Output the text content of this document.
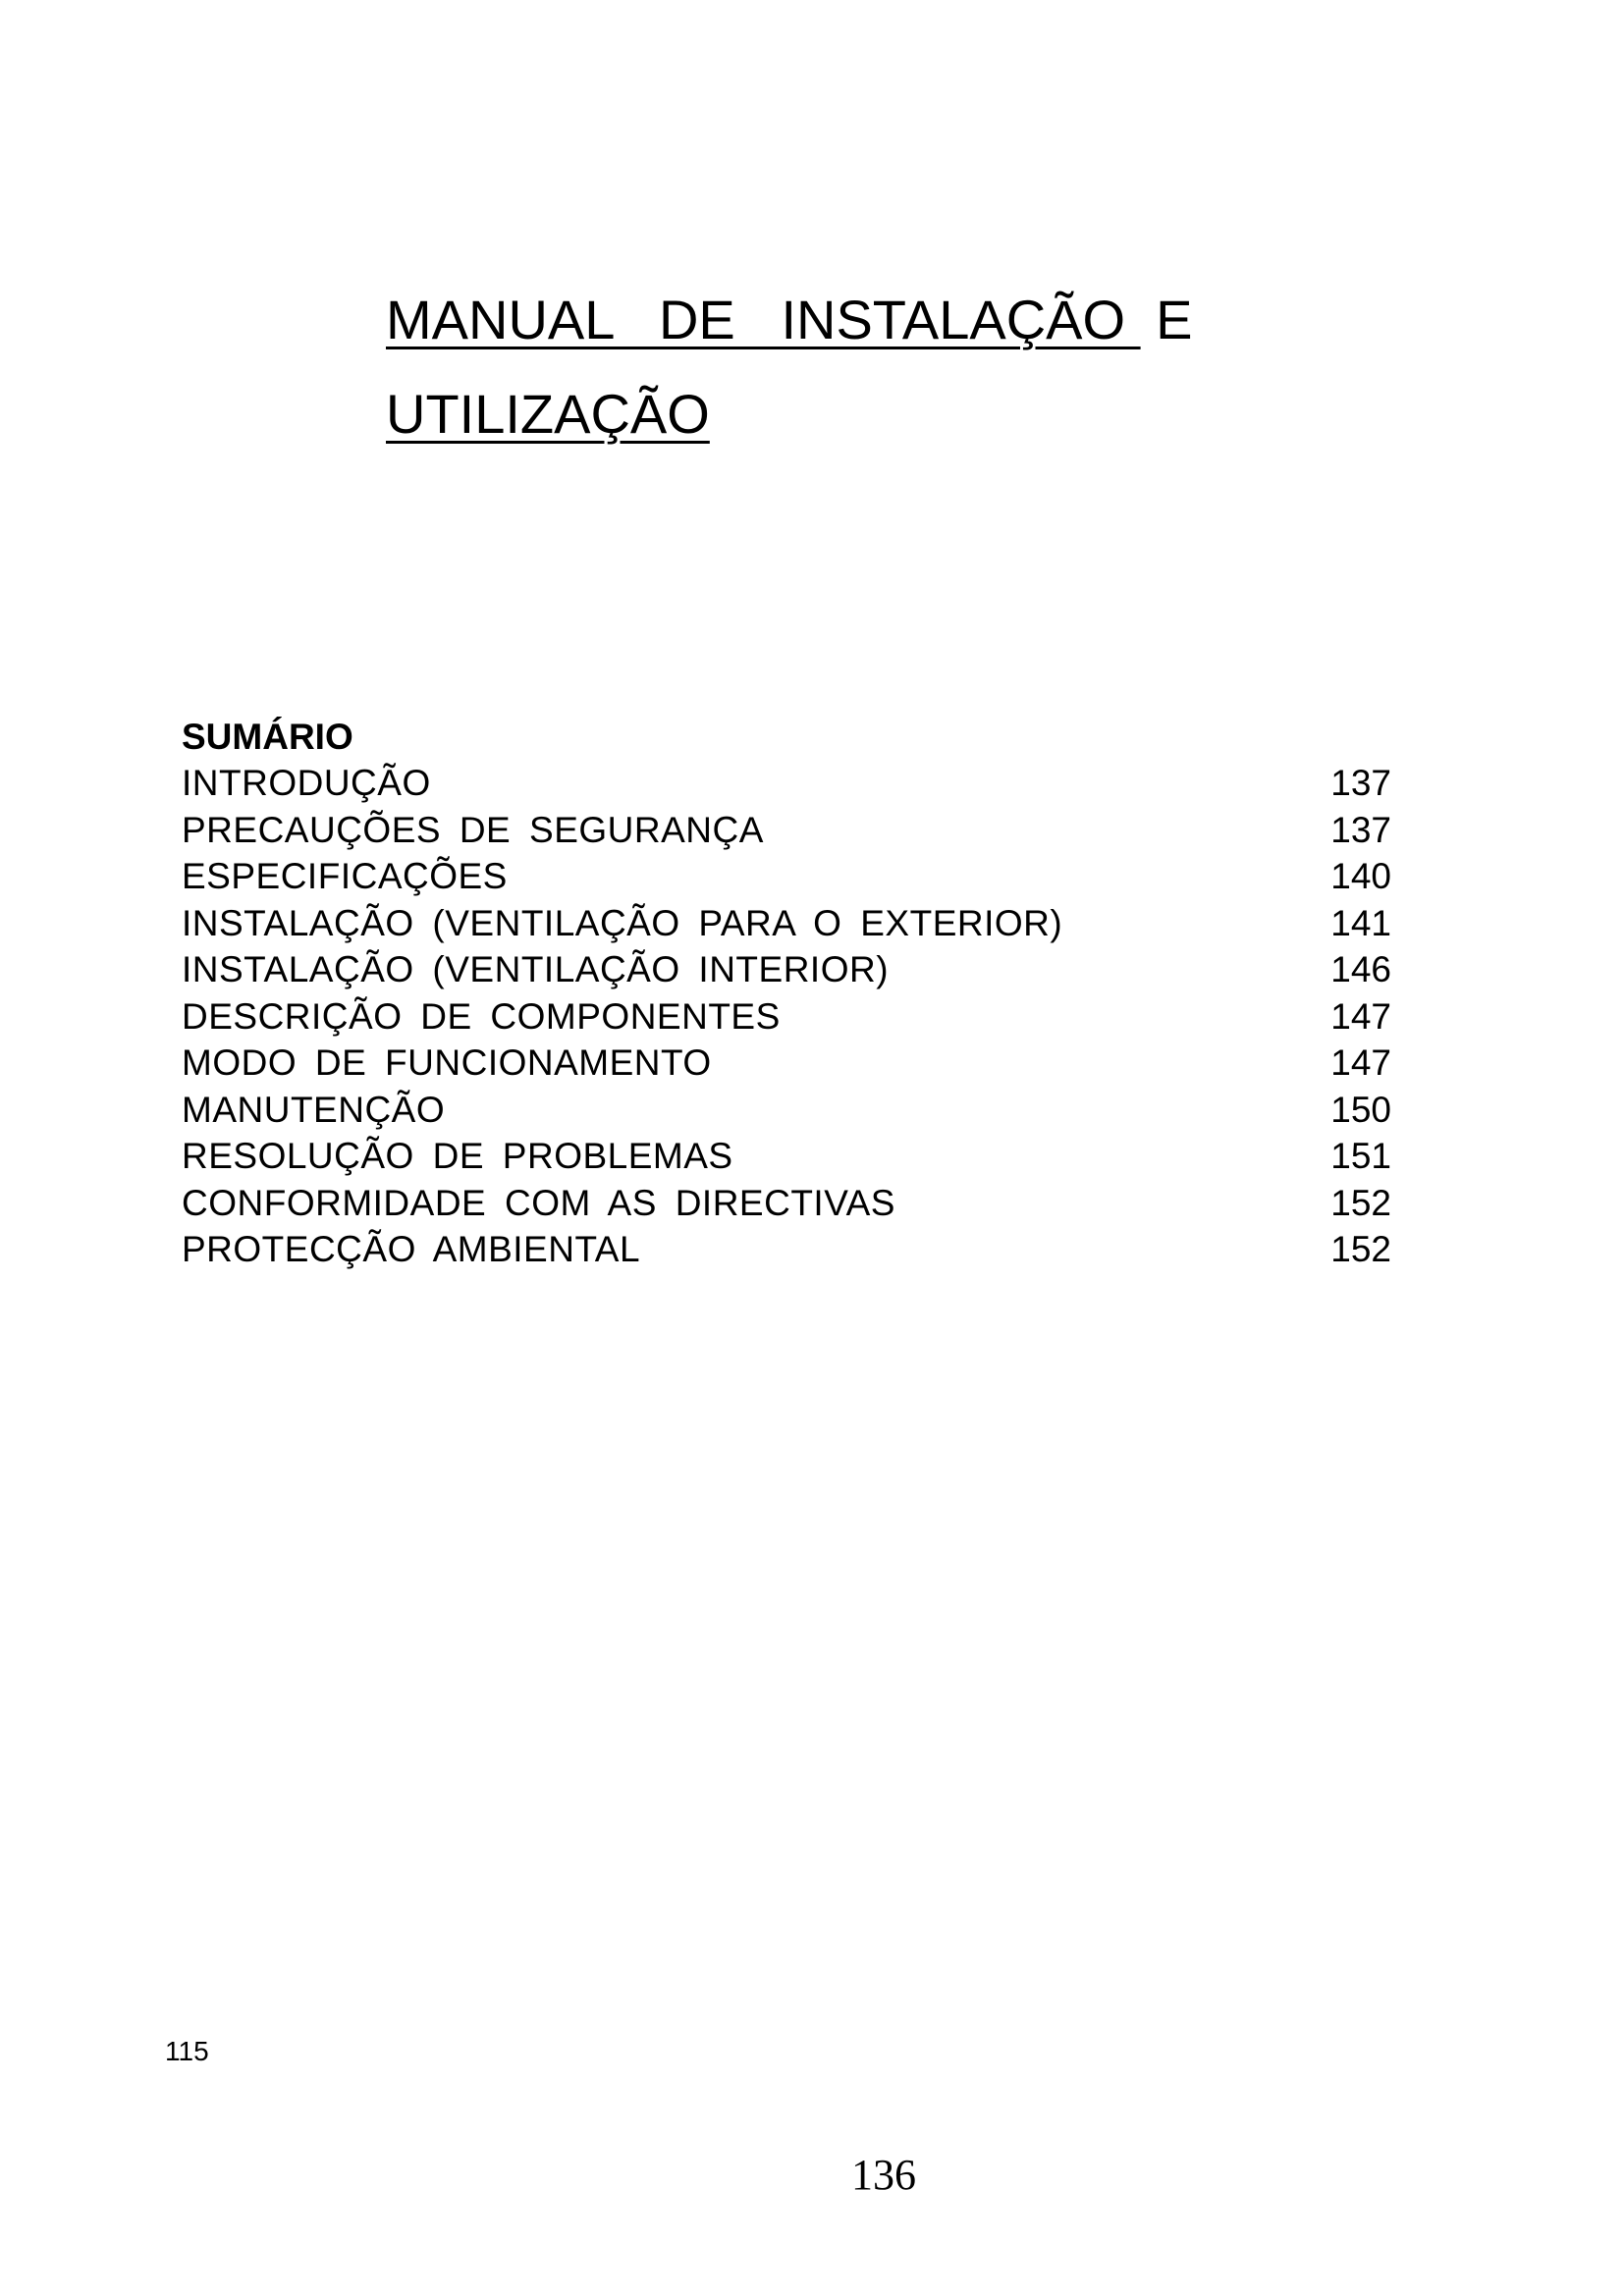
MANUAL   DE   INSTALAÇÃO  E
UTILIZAÇÃO
SUMÁRIO
INTRODUÇÃO	137
PRECAUÇÕES DE SEGURANÇA	137
ESPECIFICAÇÕES	140
INSTALAÇÃO (VENTILAÇÃO PARA O EXTERIOR)	141
INSTALAÇÃO (VENTILAÇÃO INTERIOR)	146
DESCRIÇÃO DE COMPONENTES	147
MODO DE FUNCIONAMENTO	147
MANUTENÇÃO	150
RESOLUÇÃO DE PROBLEMAS	151
CONFORMIDADE COM AS DIRECTIVAS	152
PROTECÇÃO AMBIENTAL	152
115
136
